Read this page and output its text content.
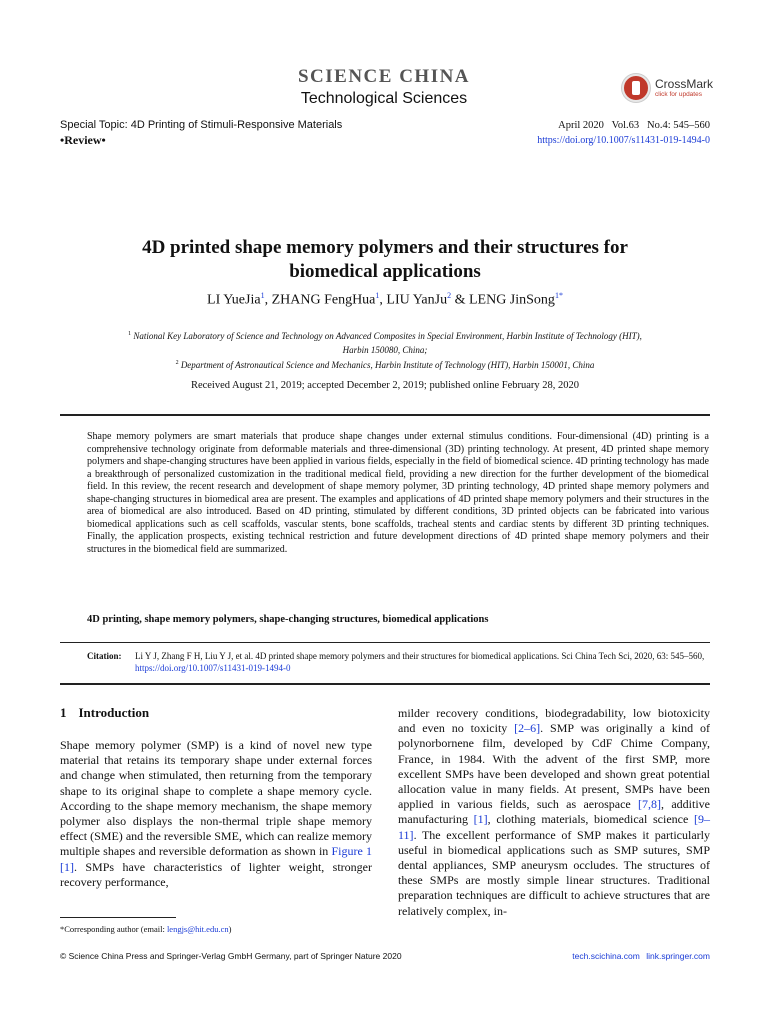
SCIENCE CHINA
Technological Sciences
CrossMark
click for updates
Special Topic: 4D Printing of Stimuli-Responsive Materials
•Review•
April 2020   Vol.63   No.4: 545–560
https://doi.org/10.1007/s11431-019-1494-0
4D printed shape memory polymers and their structures for
biomedical applications
LI YueJia$^1$, ZHANG FengHua$^1$, LIU YanJu$^2$ & LENG JinSong$^{1*}$
$^1$ National Key Laboratory of Science and Technology on Advanced Composites in Special Environment, Harbin Institute of Technology (HIT),
Harbin 150080, China;
$^2$ Department of Astronautical Science and Mechanics, Harbin Institute of Technology (HIT), Harbin 150001, China
Received August 21, 2019; accepted December 2, 2019; published online February 28, 2020
Shape memory polymers are smart materials that produce shape changes under external stimulus conditions. Four-dimensional (4D) printing is a comprehensive technology originate from deformable materials and three-dimensional (3D) printing technology. At present, 4D printed shape memory polymers and shape-changing structures have been applied in various fields, especially in the field of biomedical science. 4D printing technology has made a breakthrough of personalized customization in the traditional medical field, providing a new direction for the further development of the biomedical field. In this review, the recent research and development of shape memory polymer, 3D printing technology, 4D printed shape memory polymers and shape-changing structures in biomedical area are present. The examples and applications of 4D printed shape memory polymers and their structures in the area of biomedical are also introduced. Based on 4D printing, stimulated by different conditions, 3D printed objects can be fabricated into various biomedical applications such as cell scaffolds, vascular stents, bone scaffolds, tracheal stents and cardiac stents by different 3D printing techniques. Finally, the application prospects, existing technical restriction and future development directions of 4D printed shape memory polymers and their structures in the biomedical field are summarized.
4D printing, shape memory polymers, shape-changing structures, biomedical applications
Citation: Li Y J, Zhang F H, Liu Y J, et al. 4D printed shape memory polymers and their structures for biomedical applications. Sci China Tech Sci, 2020, 63: 545–560, https://doi.org/10.1007/s11431-019-1494-0
1 Introduction
Shape memory polymer (SMP) is a kind of novel new type material that retains its temporary shape under external forces and change when stimulated, then returning from the temporary shape to its original shape to complete a shape memory cycle. According to the shape memory mechanism, the shape memory polymer also displays the non-thermal triple shape memory effect (SME) and the reversible SME, which can realize memory multiple shapes and reversible deformation as shown in Figure 1 [1]. SMPs have characteristics of lighter weight, stronger recovery performance,
milder recovery conditions, biodegradability, low biotoxicity and even no toxicity [2–6]. SMP was originally a kind of polynorbornene film, developed by CdF Chime Company, France, in 1984. With the advent of the first SMP, more excellent SMPs have been developed and shown great potential allocation value in many fields. At present, SMPs have been applied in various fields, such as aerospace [7,8], additive manufacturing [1], clothing materials, biomedical science [9–11]. The excellent performance of SMP makes it particularly useful in biomedical applications such as SMP sutures, SMP dental appliances, SMP aneurysm occludes. The structures of these SMPs are mostly simple linear structures. Traditional preparation techniques are difficult to achieve structures that are relatively complex, in-
*Corresponding author (email: lengjs@hit.edu.cn)
© Science China Press and Springer-Verlag GmbH Germany, part of Springer Nature 2020	tech.scichina.com link.springer.com
